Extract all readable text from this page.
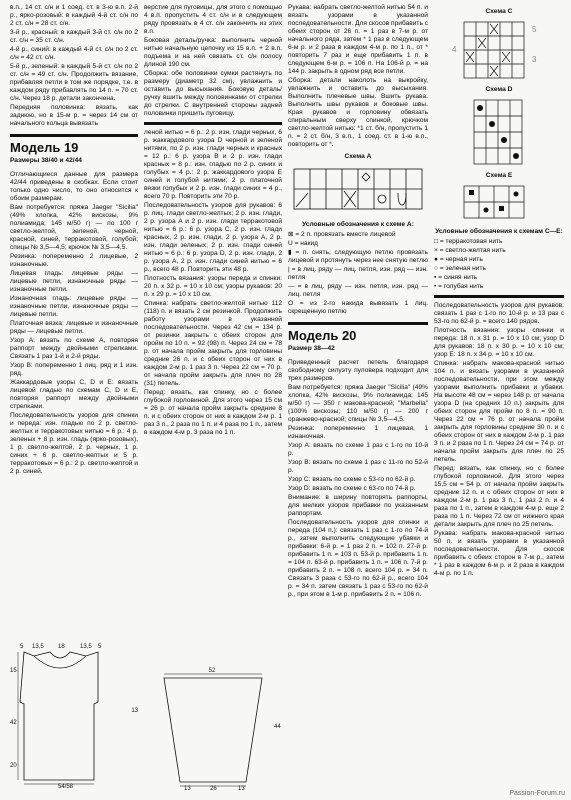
в.п., 14 ст. с/н и 1 соед. ст. в 3-ю в.п. 2-й р., ярко-розовый: в каждый 4-й ст. с/н по 2 ст. с/н = 28 ст. с/н.

3-й р., красный: в каждый 3-й ст. с/н по 2 ст. с/н = 35 ст. с/н.

4-й р., синий: в каждый 4-й ст. с/н по 2 ст. с/н = 42 ст. с/н.

5-й р., зеленый: в каждый 5-й ст. с/н по 2 ст. с/н = 49 ст. с/н. Продолжить вязание, прибавляя петли в том же порядке, т.е. в каждом ряду прибавлять по 14 п. = 70 ст. с/н. Через 18 р. детали закончена.

Передняя половинка: вязать, как заднюю, но в 15-м р. = через 14 см от начального кольца вывязать

Модель 19
Размеры 38/40 и 42/44

Отличающиеся данные для размера 42/44 приведены в скобках. Если стоит только одно число, то оно относится к обоим размерам.

Вам потребуется: пряжа Jaeger "Sicilia" (49% хлопка, 42% вискозы, 9% полиамида; 145 м/50 г) — по 100 г светло-желтой, зеленой, черной, красной, синей, терракотовой, голубой; спицы № 3,5—4,5; крючок № 3,5—4,5.

Резинка: попеременно 2 лицевые, 2 изнаночные.

Лицевая гладь: лицевые ряды — лицевые петли, изнаночные ряды — изнаночные петли.

Изнаночная гладь: лицевые ряды — изнаночные петли, изнаночные ряды — лицевые петли.

Платочная вязка: лицевые и изнаночные ряды — лицевые петли.

Узор А: вязать по схеме А, повторяя раппорт между двойными стрелками. Связать 1 раз 1-й и 2-й ряды.

Узор В: попеременно 1 лиц. ряд и 1 изн. ряд.

Жаккардовые узоры С, D и Е: вязать лицевой гладью по схемам С, D и Е, повторяя раппорт между двойными стрелками.

Последовательность узоров для спинки и переда: изн. гладью по 2 р. светло-желтых и терракотовых нитью = 6 р.: 4 р. зеленых + 8 р. изн. гладь (ярко-розовых), 1 р. светло-желтой, 2 р. черных, 1 р. синих + 6 р. светло-желтых и 5 р. терракотовых = 6 р.: 2 р. светло-желтой и 2 р. синей.

5 13,5 18	13,5 5
15
42
20
54/58
13

верстие для пуговицы, для этого с помощью 4 в.п. пропустить 4 ст. с/н и в следующем ряду провязать в 4 ст. с/н закончить из этих в.п.

Боковая деталь/ручка: выполнить черной нитью начальную цепочку из 15 в.п. + 2 в.п. подъема и на ней связать ст. с/н полосу длиной 190 см.

Сборка: обе половинки сумки растянуть по размеру (диаметр 32 см), увлажнить и оставить до высыхания. Боковую деталь/ручку вшить между половинками от стрелки до стрелки. С внутренней стороны задней половинки пришить пуговицу.

леной нитью = 6 р.: 2 р. изн. глади черных, 6 р. жаккардового узора D черной и зеленой нитями, по 2 р. изн. глади черных и красных = 12 р.: 6 р. узора В и 2 р. изн. глади красных = 8 р.: изн. гладью по 2 р. синих и голубых = 4 р.: 2 р. жаккардового узора Е синей и голубой нитями; 2 р. платочной вязки голубых и 2 р. изн. глади синих = 4 р., всего 70 р. Повторить эти 70 р.

Последовательность узоров для рукавов: 6 р. лиц. глади светло-желтых; 2 р. изн. глади, 2 р. узора А и 2 р. изн. глади терракотовой нитью = 6 р.: 6 р. узора С, 2 р. изн. глади красных, 2 р. изн. глади, 2 р. узора А, 2 р. изн. глади зеленых; 2 р. изн. глади синей нитью = 6 р.: 6 р. узора D, 2 р. изн. глади, 2 р. узора А, 2 р. изн. глади синей нитью = 6 р., всего 48 р. Повторить эти 48 р.

Плотность вязания: узоры переда и спинки: 20 п. х 32 р. = 10 х 10 см; узоры рукавов: 20 п. х 29 р. = 10 х 10 см.

Спинка: набрать светло-желтой нитью 112 (118) п. и вязать 2 см резинкой. Продолжить работу узорами в указанной последовательности. Через 42 см = 134 р. от резинки закрыть с обеих сторон для пройм по 10 п. = 92 (98) п. Через 24 см = 78 р. от начала пройм закрыть для горловины средние 26 п. и с обеих сторон от них в каждом 2-м р. 1 раз 3 п. Через 22 см = 70 р. от начала пройм закрыть для плеч по 28 (31) петель.

Перед: вязать, как спинку, но с более глубокой горловиной. Для этого через 15 см = 26 р. от начала пройм закрыть средние 8 п. и с обеих сторон от них в каждом 2-м р. 1 раз 3 п., 2 раза по 1 п. и 4 раза по 1 п., затем в каждом 4-м р. 3 раза по 1 п.

52
44
13	26	13

Рукава: набрать светло-желтой нитью 54 п. и вязать узорами в указанной последовательности. Для скосов прибавить с обеих сторон от 26 п. = 1 раз в 7-м р. от начального ряда, затем * 1 раз в следующем 6-м р. и 2 раза в каждом 4-м р. по 1 п., от * повторить 7 раз и еще прибавить 1 п. в следующем 6-м р. = 106 п. На 106-й р. = на 144 р. закрыть в одном ряд все петли.

Сборка: детали наколоть на выкройку, увлажнить и оставить до высыхания. Выполнить плечевые швы. Вшить рукава. Выполнить швы рукавов и боковые швы. Края рукавов и горловину обвязать спиральным сверху спинкой, крючком светло-желтой нитью: *1 ст. б/н, пропустить 1 п. = 2 ст. б/н, 3 в.п., 1 соед. ст. в 1-ю в.п., повторить от *.

Схема А
Условные обозначения к схеме А:

⊠ = 2 п. провязать вместе лицевой

U = накид

▮ = п. снять, следующую петлю провязать лицевой и протянуть через нее снятую петлю

| = в лиц. ряду — лиц. петля, изн. ряд — изн. петля

— = в лиц. ряду — изн. петля, изн. ряд — лиц. петля

O = из 2-го накида вывязать 1 лиц. скрещенную петлю

Модель 20
Размер 38—42

Приведенный расчет петель благодаря свободному силуэту пуловера подходит для трех размеров.

Вам потребуется: пряжа Jaeger "Sicilia" (49% хлопка, 42% вискозы, 9% полиамида; 145 м/50 г) — 350 г макова-красной; "Marbella" (100% вискозы; 110 м/50 г) — 200 г оранжево-красной; спицы № 3,5—4,5.

Резинка: попеременно 1 лицевая, 1 изнаночная.

Узор А: вязать по схеме 1 раз с 1-го по 10-й р.

Узор В: вязать по схеме 1 раз с 11-го по 52-й р.

Узор С: вязать по схеме с 53-го по 62-й р.

Узор D: вязать по схеме с 63-го по 74-й р.

Внимание: в ширину повторять раппорты, для мелких узоров прибавки по указанным раппортам.

Последовательность узоров для спинки и переда (104 п.): связать 1 раз с 1-го по 74-й р., затем выполнить следующие убавки и прибавки: 6-й р. = 1 раз 2 п. = 102 п. 27-й р. прибавить 1 п. = 103 п. 53-й р. прибавить 1 п. = 104 п. 63-й р. прибавить 1 п. = 106 п. 7-й р. прибавить 2 п. = 108 п. всего 104 р. = 34 п. Связать 3 раза с 53-го по 62-й р., всего 104 р. = 34 п. затем связать 1 раз с 53-го по 62-й р., при этом в 1-м р. прибавить 2 п. = 106 п.

Схема С
4
5
3
Схема D
Схема Е
Условные обозначения к схемам С—Е:

□ = терракотовая нить

× = светло-желтая нить

● = черная нить

○ = зеленая нить

▪ = синяя нить

• = голубая нить

Последовательность узоров для рукавов: связать 1 раз с 1-го по 10-й р. и 13 раз с 53-го по 62-й р. = всего 140 рядов.

Плотность вязания: узоры спинки и переда: 18 п. х 31 р. = 10 х 10 см; узор D для рукавов: 18 п. х 30 р. = 10 х 10 см; узор Е: 18 п. х 34 р. = 10 х 10 см.

Спинка: набрать макова-красной нитью 104 п. и вязать узорами в указанной последовательности, при этом между узорами выполнить прибавки и убавки. На высоте 48 см = через 148 р. от начала узора D (на средних 10 п.) закрыть для обеих сторон для пройм по 8 п. = 90 п. Через 22 см = 76 р. от начала пройм закрыть для горловины средние 30 п. и с обеих сторон от них в каждом 2-м р. 1 раз 3 п. и 2 раза по 1 п. Через 24 см = 74 р. от начала пройм закрыть для плеч по 25 петель.

Перед: вязать, как спинку, но с более глубокой горловиной. Для этого через 15,5 см = 54 р. от начала пройм закрыть средние 12 п. и с обеих сторон от них в каждом 2-м р. 1 раз 3 п., 1 раз 2 п. и 4 раза по 1 п., затем в каждом 4-м р. еще 2 раза по 1 п. Через 72 см от нижнего края детали закрыть для плеч по 25 петель.

Рукава: набрать макова-красной нитью 50 п. и вязать узорами в указанной последовательности. Для скосов прибавить с обеих сторон в 7-м р., затем * 1 раз в каждом 6-м р. и 2 раза в каждом 4-м р. по 1 п.

Passion-Forum.ru
